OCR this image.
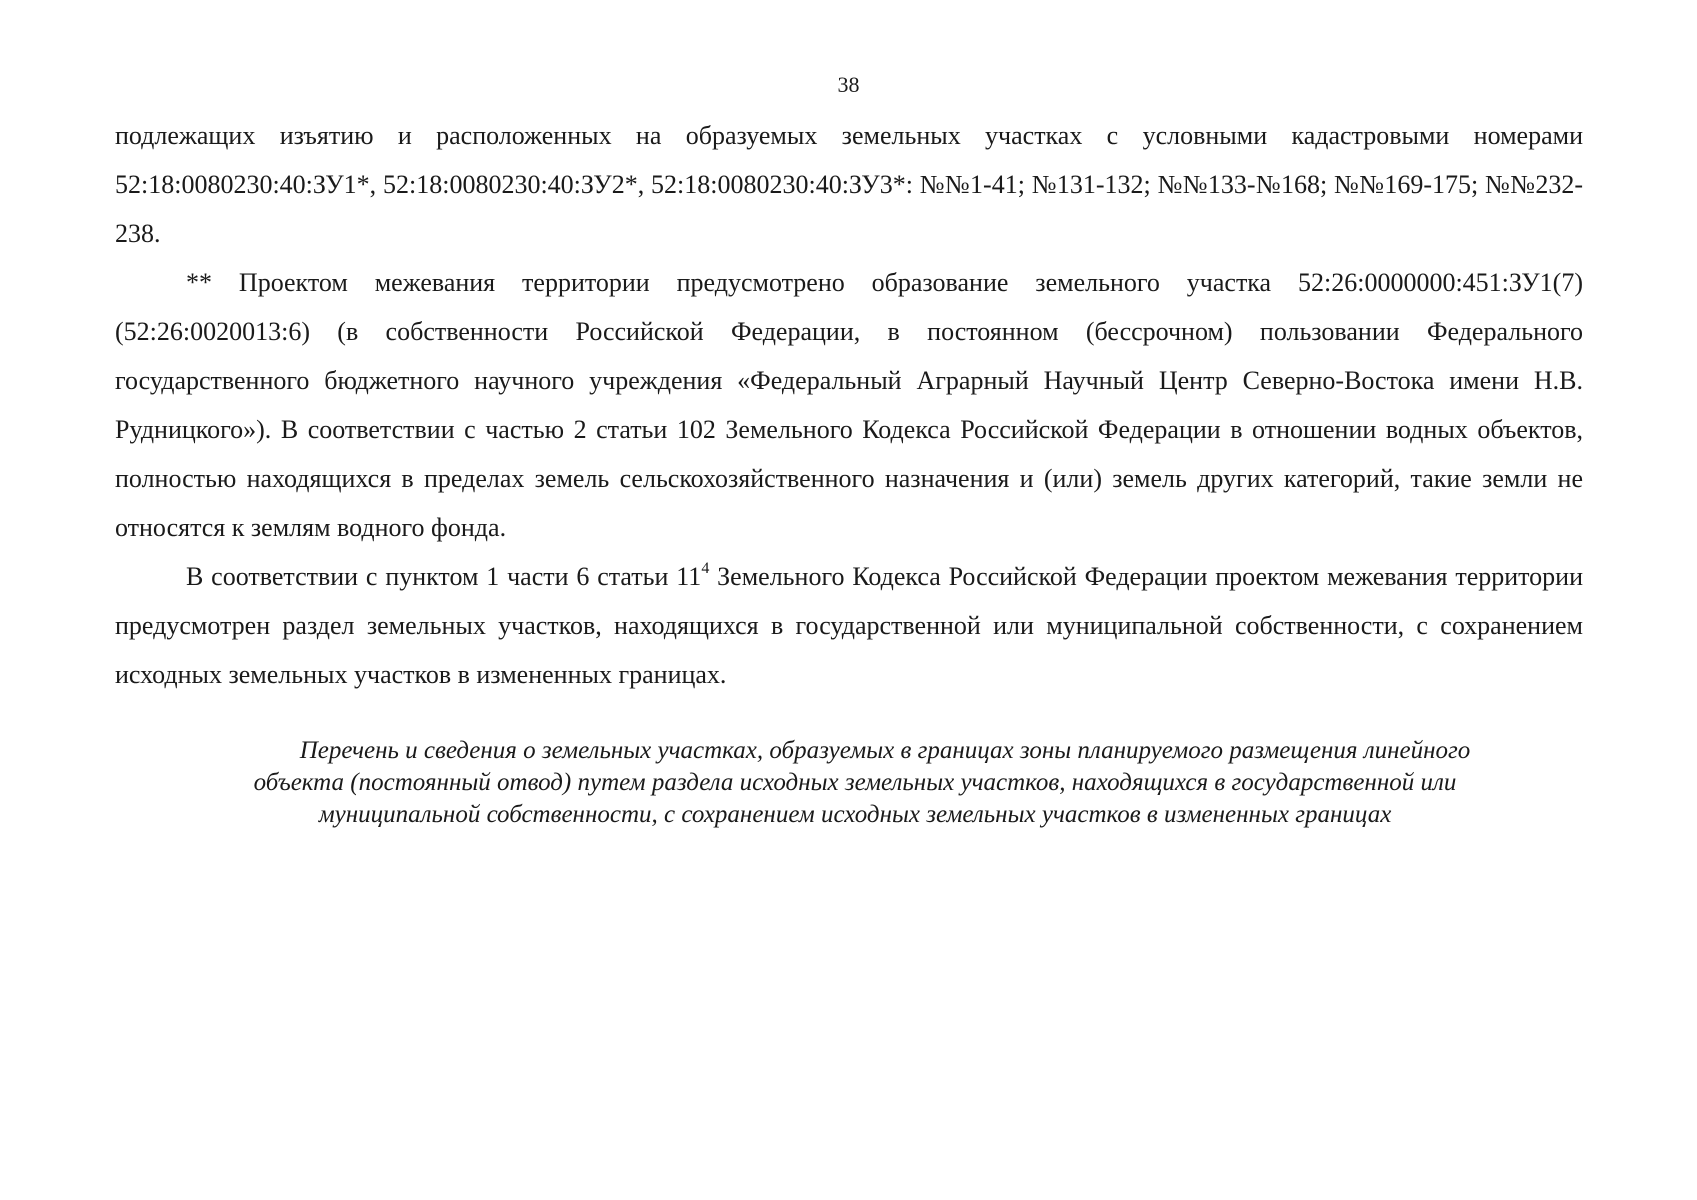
38

подлежащих изъятию и расположенных на образуемых земельных участках с условными кадастровыми номерами 52:18:0080230:40:ЗУ1*, 52:18:0080230:40:ЗУ2*, 52:18:0080230:40:ЗУ3*: №№1-41; №131-132; №№133-№168; №№169-175; №№232-238.

** Проектом межевания территории предусмотрено образование земельного участка 52:26:0000000:451:ЗУ1(7) (52:26:0020013:6) (в собственности Российской Федерации, в постоянном (бессрочном) пользовании Федерального государственного бюджетного научного учреждения «Федеральный Аграрный Научный Центр Северно-Востока имени Н.В. Рудницкого»). В соответствии с частью 2 статьи 102 Земельного Кодекса Российской Федерации в отношении водных объектов, полностью находящихся в пределах земель сельскохозяйственного назначения и (или) земель других категорий, такие земли не относятся к землям водного фонда.

В соответствии с пунктом 1 части 6 статьи $11^4$ Земельного Кодекса Российской Федерации проектом межевания территории предусмотрен раздел земельных участков, находящихся в государственной или муниципальной собственности, с сохранением исходных земельных участков в измененных границах.

Перечень и сведения о земельных участках, образуемых в границах зоны планируемого размещения линейного
объекта (постоянный отвод) путем раздела исходных земельных участков, находящихся в государственной или
муниципальной собственности, с сохранением исходных земельных участков в измененных границах
